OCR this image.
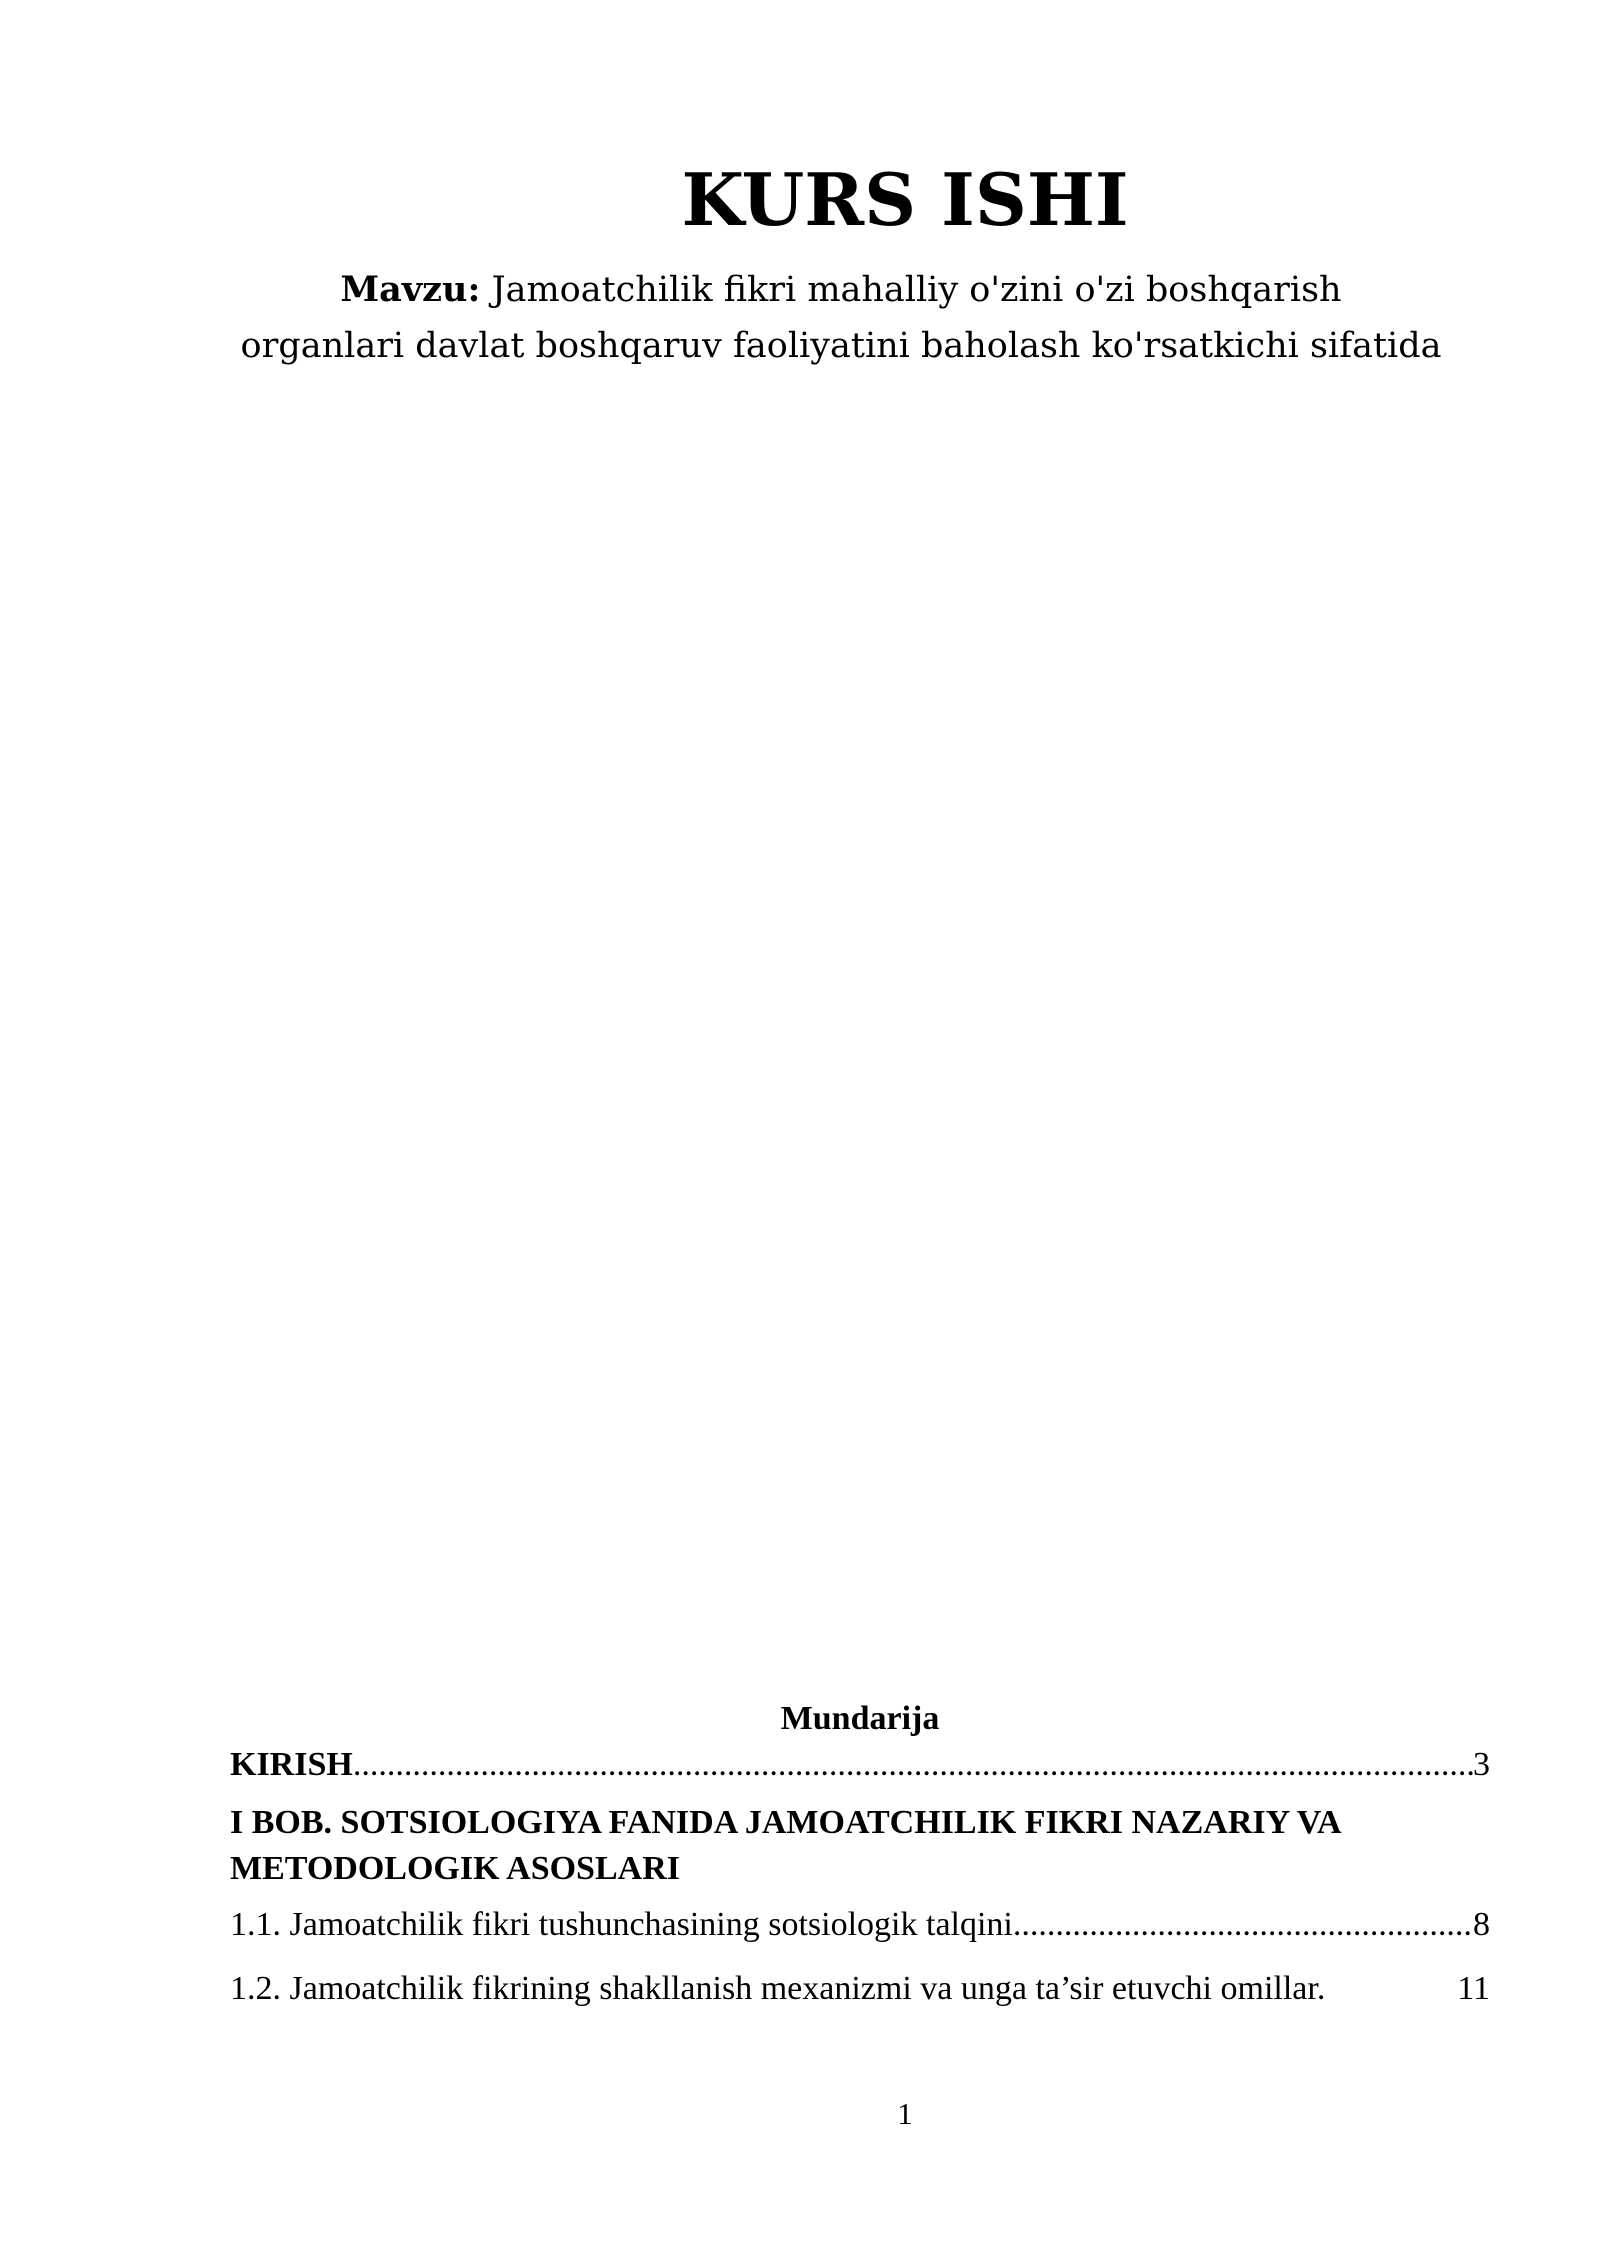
KURS ISHI
Mavzu: Jamoatchilik fikri mahalliy o'zini o'zi boshqarish
organlari davlat boshqaruv faoliyatini baholash ko'rsatkichi sifatida
Mundarija
KIRISH .....	3
I BOB. SOTSIOLOGIYA FANIDA JAMOATCHILIK FIKRI NAZARIY VA
METODOLOGIK ASOSLARI
1.1. Jamoatchilik fikri tushunchasining sotsiologik talqini .....	8
1.2. Jamoatchilik fikrining shakllanish mexanizmi va unga ta’sir etuvchi omillar.	11
1
